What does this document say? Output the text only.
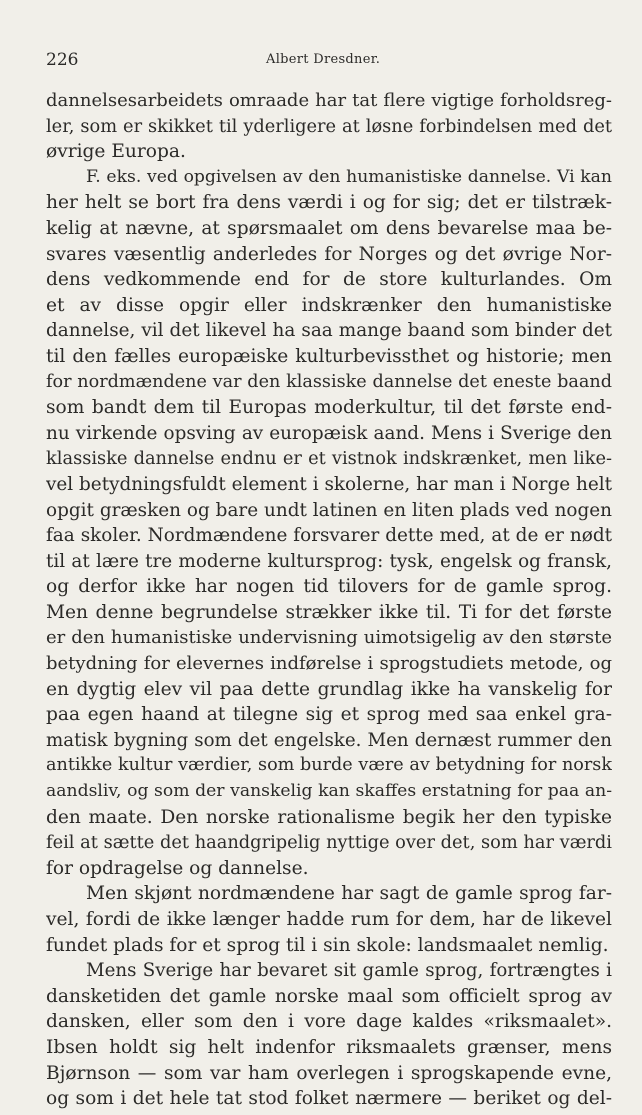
226	Albert Dresdner.
dannelsesarbeidets omraade har tat flere vigtige forholdsreg-
ler, som er skikket til yderligere at løsne forbindelsen med det
øvrige Europa.
F. eks. ved opgivelsen av den humanistiske dannelse. Vi kan
her helt se bort fra dens værdi i og for sig; det er tilstræk-
kelig at nævne, at spørsmaalet om dens bevarelse maa be-
svares væsentlig anderledes for Norges og det øvrige Nor-
dens vedkommende end for de store kulturlandes. Om
et av disse opgir eller indskrænker den humanistiske
dannelse, vil det likevel ha saa mange baand som binder det
til den fælles europæiske kulturbevissthet og historie; men
for nordmændene var den klassiske dannelse det eneste baand
som bandt dem til Europas moderkultur, til det første end-
nu virkende opsving av europæisk aand. Mens i Sverige den
klassiske dannelse endnu er et vistnok indskrænket, men like-
vel betydningsfuldt element i skolerne, har man i Norge helt
opgit græsken og bare undt latinen en liten plads ved nogen
faa skoler. Nordmændene forsvarer dette med, at de er nødt
til at lære tre moderne kultursprog: tysk, engelsk og fransk,
og derfor ikke har nogen tid tilovers for de gamle sprog.
Men denne begrundelse strækker ikke til. Ti for det første
er den humanistiske undervisning uimotsigelig av den største
betydning for elevernes indførelse i sprogstudiets metode, og
en dygtig elev vil paa dette grundlag ikke ha vanskelig for
paa egen haand at tilegne sig et sprog med saa enkel gra-
matisk bygning som det engelske. Men dernæst rummer den
antikke kultur værdier, som burde være av betydning for norsk
aandsliv, og som der vanskelig kan skaffes erstatning for paa an-
den maate. Den norske rationalisme begik her den typiske
feil at sætte det haandgripelig nyttige over det, som har værdi
for opdragelse og dannelse.
Men skjønt nordmændene har sagt de gamle sprog far-
vel, fordi de ikke længer hadde rum for dem, har de likevel
fundet plads for et sprog til i sin skole: landsmaalet nemlig.
Mens Sverige har bevaret sit gamle sprog, fortrængtes i
dansketiden det gamle norske maal som officielt sprog av
dansken, eller som den i vore dage kaldes «riksmaalet».
Ibsen holdt sig helt indenfor riksmaalets grænser, mens
Bjørnson — som var ham overlegen i sprogskapende evne,
og som i det hele tat stod folket nærmere — beriket og del-
